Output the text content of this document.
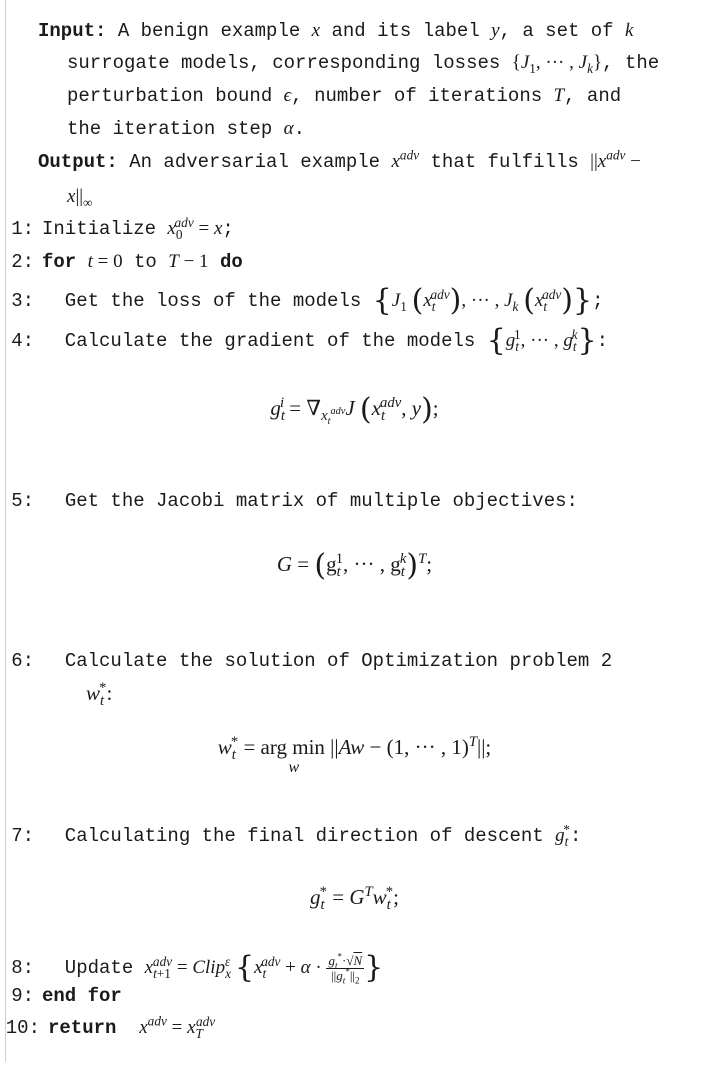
Input: A benign example x and its label y, a set of k
surrogate models, corresponding losses {$J_1$, ··· , $J_k$}, the
perturbation bound ϵ, number of iterations T, and
the iteration step α.
Output: An adversarial example $x^{adv}$ that fulfills $||x^{adv}$ −
$x||_\infty$
1: Initialize $x_0^{adv} = x$;
2: for t = 0 to T − 1 do
3:  Get the loss of the models {$J_1$ $(x_t^{adv})$, ··· , $J_k$ $(x_t^{adv})$};
4:  Calculate the gradient of the models {$g_t^1$, ··· , $g_t^k$}:
$g_t^i = \nabla_{x_t^{adv}}J$ ($x_t^{adv}$, y);
5: Get the Jacobi matrix of multiple objectives:
$G = (g_t^1$, ··· , $g_t^k)^T$;
6: Calculate the solution of Optimization problem 2
$w_t^*$:
$w_t^*$ = arg min
w
||Aw − (1, ··· , 1)$^T$||;
7:  Calculating the final direction of descent $g_t^*$:
$g_t^* = G^Tw_t^*$;
8:  Update $x_{t+1}^{adv}$ = Clip$_x^\varepsilon$ {$x_t^{adv} + \alpha \cdot \frac{g_t^*\cdot√N}{||g_t^*||_2}$ }
9: end for
10: return $x^{adv} = x_T^{adv}$
